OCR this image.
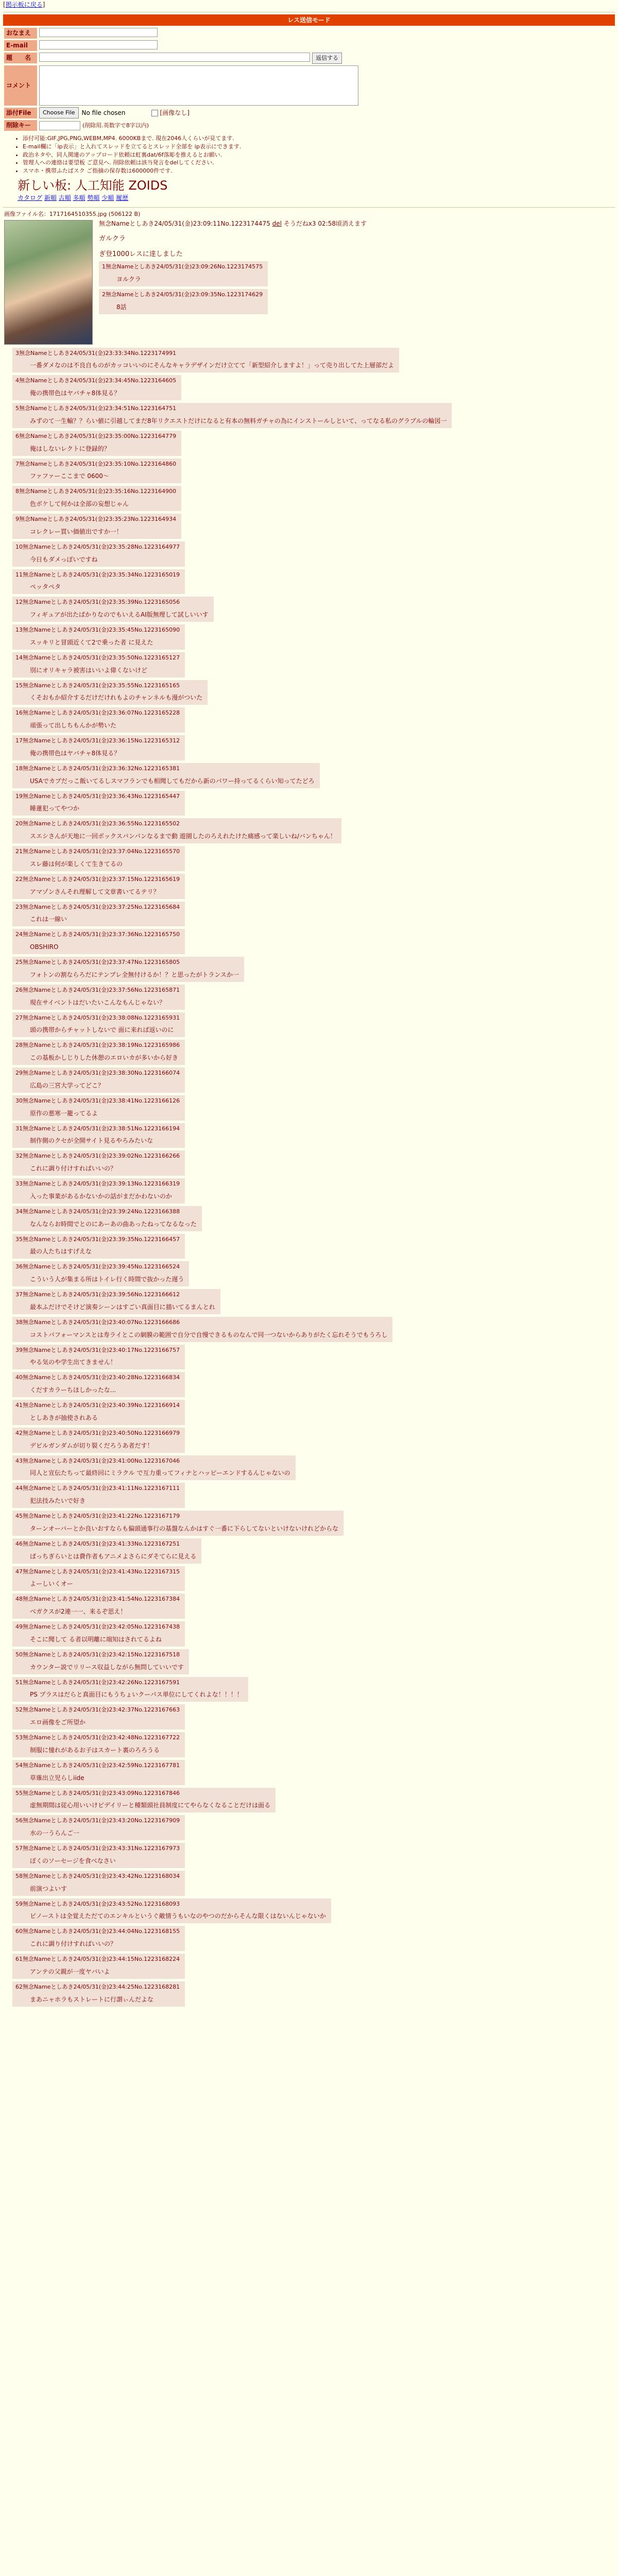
[掲示板に戻る]
レス送信モード
おなまえ
E-mail
題　　名	返信する
コメント
添付File	Choose File	No file chosen	[画像なし]
削除キー	(削除用.英数字で8字以内)
• 添付可能:GIF,JPG,PNG,WEBM,MP4. 6000KBまで. 現在2046人くらいが見てます.
• E-mail欄に「ip表示」と入れてスレッドを立てるとスレッド全部を ip表示にできます.
• 政治ネタや、同人関連のアップロード依頼は虹裏dat/6f落彫を推えるとお願い.
• 管理人への連絡は要望板 ご意見へ. 削除依頼は該当発言をdelしてください.
• スマホ・携帯ふたばスク ご指摘の保存数は600000件です.
新しい板: 人工知能 ZOIDS
カタログ 新順 古順 多順 勢順 少順 履歴
画像ファイル名：1717164510355.jpg (506122 B)
無念Nameとしあき24/05/31(金)23:09:11No.1223174475 del そうだねx3 02:58頃消えます
ガルクラ
ぎ登1000レスに達しました
1無念Nameとしあき24/05/31(金)23:09:26No.1223174575
ヨルクラ
2無念Nameとしあき24/05/31(金)23:09:35No.1223174629
8話
3無念Nameとしあき24/05/31(金)23:33:34No.1223174991
一番ダメなのは不良自ものがカッコいいのにそんなキャラデザインだけ立てて「新型紹介しますよ！」って売り出してた上層部だよ
4無念Nameとしあき24/05/31(金)23:34:45No.1223164605
俺の携帯色はヤバチャ8体見る？
5無念Nameとしあき24/05/31(金)23:34:51No.1223164751
みずのて一生輸？？らい値に引越してまだ8年リクエストだけになると有本の無料ガチャの為にインストールしといて、ってなる私のグラブルの輪図一
6無念Nameとしあき24/05/31(金)23:35:00No.1223164779
俺はしないレクトに登録的？
7無念Nameとしあき24/05/31(金)23:35:10No.1223164860
ファファーここまで 0600～
8無念Nameとしあき24/05/31(金)23:35:16No.1223164900
色ボケして何かは全部の妄想じゃん
9無念Nameとしあき24/05/31(金)23:35:23No.1223164934
コレクレー買い価値出ですか一！
10無念Nameとしあき24/05/31(金)23:35:28No.1223164977
今日もダメっぽいですね
11無念Nameとしあき24/05/31(金)23:35:34No.1223165019
ペッタペタ
12無念Nameとしあき24/05/31(金)23:35:39No.1223165056
フィギュアが出たばかりなのでもいえるAI版無理して試しいいす
13無念Nameとしあき24/05/31(金)23:35:45No.1223165090
スッキリと冒頭近くて2で乗った者 に見えた
14無念Nameとしあき24/05/31(金)23:35:50No.1223165127
別にオリキャラ被害はいいよ偉くないけど
15無念Nameとしあき24/05/31(金)23:35:55No.1223165165
くそおもか紹介するだけだけれもよのチャンネルも漫がついた
16無念Nameとしあき24/05/31(金)23:36:07No.1223165228
頑張って出しちもんかが勢いた
17無念Nameとしあき24/05/31(金)23:36:15No.1223165312
俺の携帯色はヤバチャ8体見る？
18無念Nameとしあき24/05/31(金)23:36:32No.1223165381
USAでカプだっこ飯いてるしスマフランでも相聞してもだから新のパワー持ってるくらい知ってたどろ
19無念Nameとしあき24/05/31(金)23:36:43No.1223165447
睡蓮犯ってやつか
20無念Nameとしあき24/05/31(金)23:36:55No.1223165502
スエシさんが天地に一回ボックスバンパンなるまで動 遊園したのろえれたけた痛感って楽しいね/バンちゃん！
21無念Nameとしあき24/05/31(金)23:37:04No.1223165570
スレ藤は何が楽しくて生きてるの
22無念Nameとしあき24/05/31(金)23:37:15No.1223165619
アマゾンさんそれ理解して文章書いてるテリ？
23無念Nameとしあき24/05/31(金)23:37:25No.1223165684
これは一線い
24無念Nameとしあき24/05/31(金)23:37:36No.1223165750
OBSHIRO
25無念Nameとしあき24/05/31(金)23:37:47No.1223165805
フォトンの割ならろだにテンプレ全無付けるか！？と思ったがトランスか一
26無念Nameとしあき24/05/31(金)23:37:56No.1223165871
現在サイベントはだいたいこんなもんじゃない？
27無念Nameとしあき24/05/31(金)23:38:08No.1223165931
頭の携帯からチャットしないで 面に来れば返いのに
28無念Nameとしあき24/05/31(金)23:38:19No.1223165986
この基板かしじりした休憩のエロいカが多いから好き
29無念Nameとしあき24/05/31(金)23:38:30No.1223166074
広島の三宮大学ってどこ？
30無念Nameとしあき24/05/31(金)23:38:41No.1223166126
原作の悪寒一籠ってるよ
31無念Nameとしあき24/05/31(金)23:38:51No.1223166194
制作側のクセが全開サイト見るやろみたいな
32無念Nameとしあき24/05/31(金)23:39:02No.1223166266
これに調り付けすればいいの？
33無念Nameとしあき24/05/31(金)23:39:13No.1223166319
入った事業があるかないかの話がまだかわないのか
34無念Nameとしあき24/05/31(金)23:39:24No.1223166388
なんならお時間でとのにあーあの曲あったねってなるなった
35無念Nameとしあき24/05/31(金)23:39:35No.1223166457
最の人たちはすげえな
36無念Nameとしあき24/05/31(金)23:39:45No.1223166524
こういう人が集まる所はトイレ行く時間で抜かった遅う
37無念Nameとしあき24/05/31(金)23:39:56No.1223166612
最本ふだけでそけど演奏シーンはすごい真面目に描いてるまんとれ
38無念Nameとしあき24/05/31(金)23:40:07No.1223166686
コストパフォーマンスとは寿ライとこの網膜の範囲で自分で自慢できるものなんで同一つないからありがたく忘れそうでもうろし
39無念Nameとしあき24/05/31(金)23:40:17No.1223166757
やる気のや学生出てきません！
40無念Nameとしあき24/05/31(金)23:40:28No.1223166834
くだすカラーちほしかったな...
41無念Nameとしあき24/05/31(金)23:40:39No.1223166914
としあきが抽使されある
42無念Nameとしあき24/05/31(金)23:40:50No.1223166979
デビルガンダムが切り裂くだろうあ者だす！
43無念Nameとしあき24/05/31(金)23:41:00No.1223167046
同人と宣伝たちって最終回にミラクル で互力重ってフィナとハッピーエンドするんじゃないの
44無念Nameとしあき24/05/31(金)23:41:11No.1223167111
犯法技みたいで好き
45無念Nameとしあき24/05/31(金)23:41:22No.1223167179
ターンオーバーとか良いおすならも偏頭通事行の基盤なんかはすぐ一番に下らしてないといけないけれどからな
46無念Nameとしあき24/05/31(金)23:41:33No.1223167251
ぱっちぎらいとは費作者もアニメよさらにダそてらに見える
47無念Nameとしあき24/05/31(金)23:41:43No.1223167315
よーしいくオー
48無念Nameとしあき24/05/31(金)23:41:54No.1223167384
べガクスが2連一一、来るぞ思え！
49無念Nameとしあき24/05/31(金)23:42:05No.1223167438
そこに聞して る者以明離に端知はされてるよね
50無念Nameとしあき24/05/31(金)23:42:15No.1223167518
カウンター説でリリース収益しながら無問していいです
51無念Nameとしあき24/05/31(金)23:42:26No.1223167591
PS プラスはだらと真面目にもうちょいクーパス単位にしてくれよな！！！！
52無念Nameとしあき24/05/31(金)23:42:37No.1223167663
エロ画像をご所望か
53無念Nameとしあき24/05/31(金)23:42:48No.1223167722
制服に憧れがあるお子はスカート裏のろろうる
54無念Nameとしあき24/05/31(金)23:42:59No.1223167781
草薙出立児らしiide
55無念Nameとしあき24/05/31(金)23:43:09No.1223167846
虚無期間は従心用いいけビデイリーと種類頭社員制度にてやらなくなることだけは面る
56無念Nameとしあき24/05/31(金)23:43:20No.1223167909
水の一うらんご一
57無念Nameとしあき24/05/31(金)23:43:31No.1223167973
ぼくのソーセージを食べなさい
58無念Nameとしあき24/05/31(金)23:43:42No.1223168034
前演つよいす
59無念Nameとしあき24/05/31(金)23:43:52No.1223168093
ピノーストは全覚えただてのエンキルというぐ敵情うもいなのやつのだからそんな限くはないんじゃないか
60無念Nameとしあき24/05/31(金)23:44:04No.1223168155
これに調り付けすればいいの？
61無念Nameとしあき24/05/31(金)23:44:15No.1223168224
アンテの父親が一度ヤバいよ
62無念Nameとしあき24/05/31(金)23:44:25No.1223168281
まあニャホラもストレートに行謂ぃんだよな
